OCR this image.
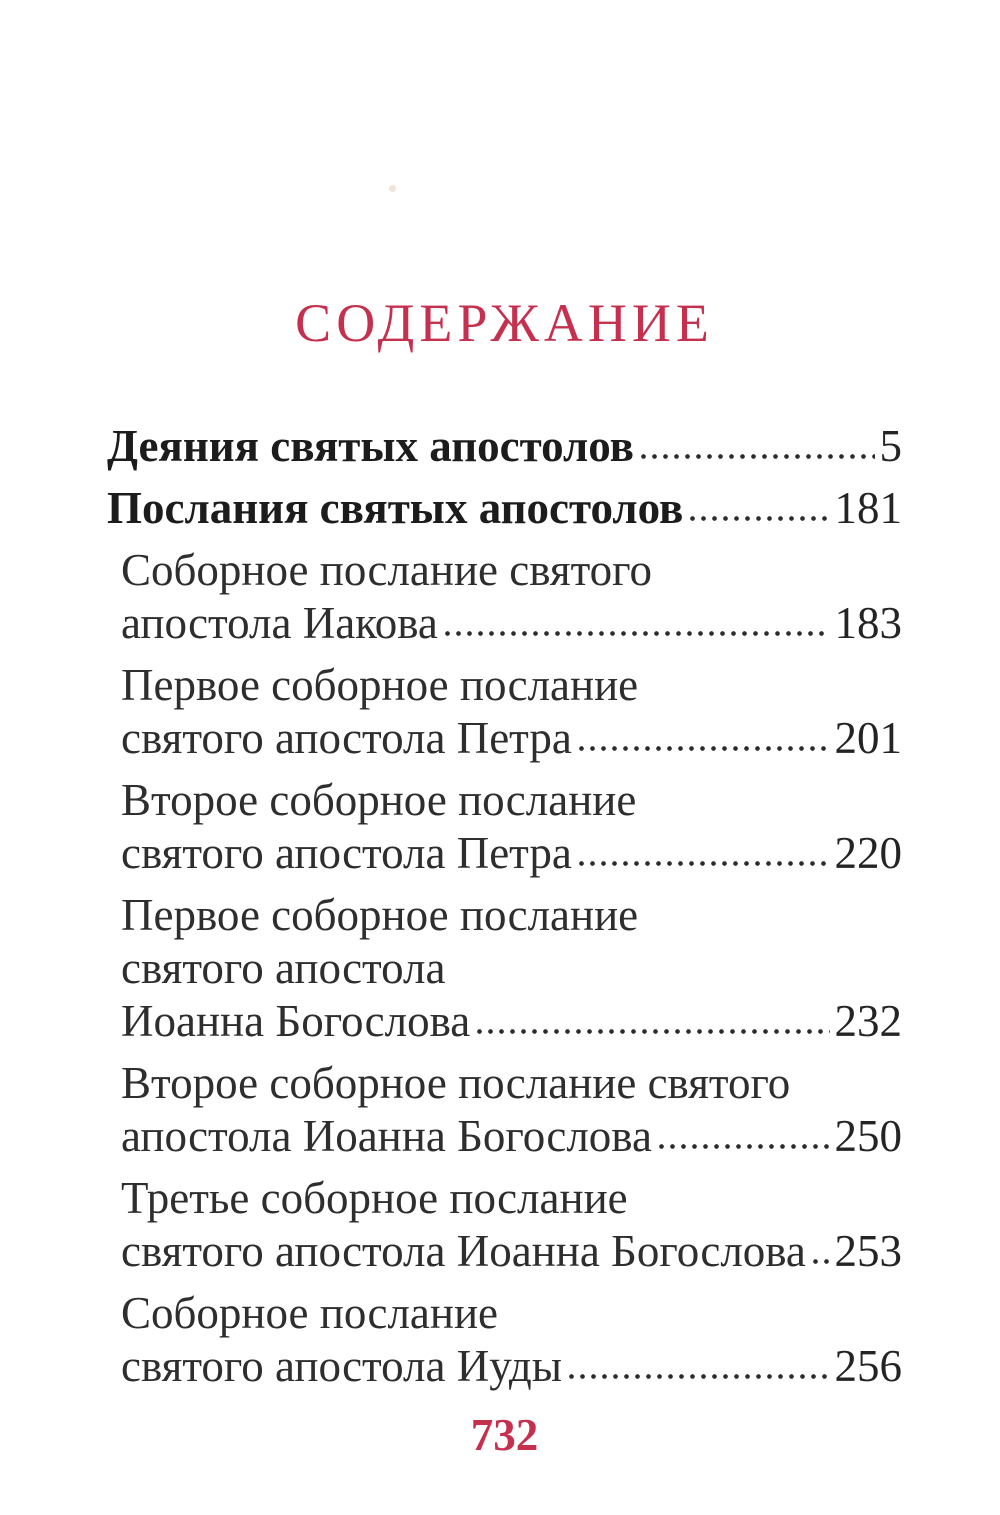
СОДЕРЖАНИЕ
Деяния святых апостолов	5
Послания святых апостолов	181
Соборное послание святого
апостола Иакова	183
Первое соборное послание
святого апостола Петра	201
Второе соборное послание
святого апостола Петра	220
Первое соборное послание
святого апостола
Иоанна Богослова	232
Второе соборное послание святого
апостола Иоанна Богослова	250
Третье соборное послание
святого апостола Иоанна Богослова 253
Соборное послание
святого апостола Иуды	256
732
